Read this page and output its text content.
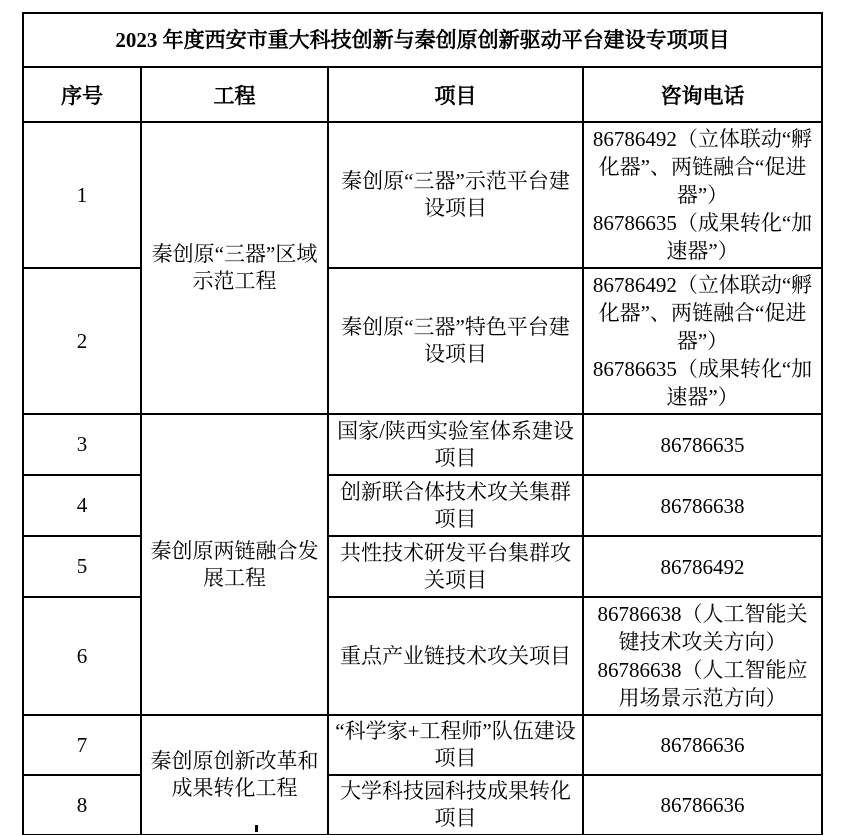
2023 年度西安市重大科技创新与秦创原创新驱动平台建设专项项目			
序号	工程	项目	咨询电话
1	秦创原“三器”区域示范工程	秦创原“三器”示范平台建设项目	86786492（立体联动“孵化器”、两链融合“促进器”）
86786635（成果转化“加速器”）

2		秦创原“三器”特色平台建设项目	86786492（立体联动“孵化器”、两链融合“促进器”）
86786635（成果转化“加速器”）

3	秦创原两链融合发展工程	国家/陕西实验室体系建设项目	86786635

4		创新联合体技术攻关集群项目	86786638

5		共性技术研发平台集群攻关项目	86786492

6		重点产业链技术攻关项目	86786638（人工智能关键技术攻关方向）
86786638（人工智能应用场景示范方向）

7	秦创原创新改革和成果转化工程	“科学家+工程师”队伍建设项目	86786636

8		大学科技园科技成果转化项目	86786636
